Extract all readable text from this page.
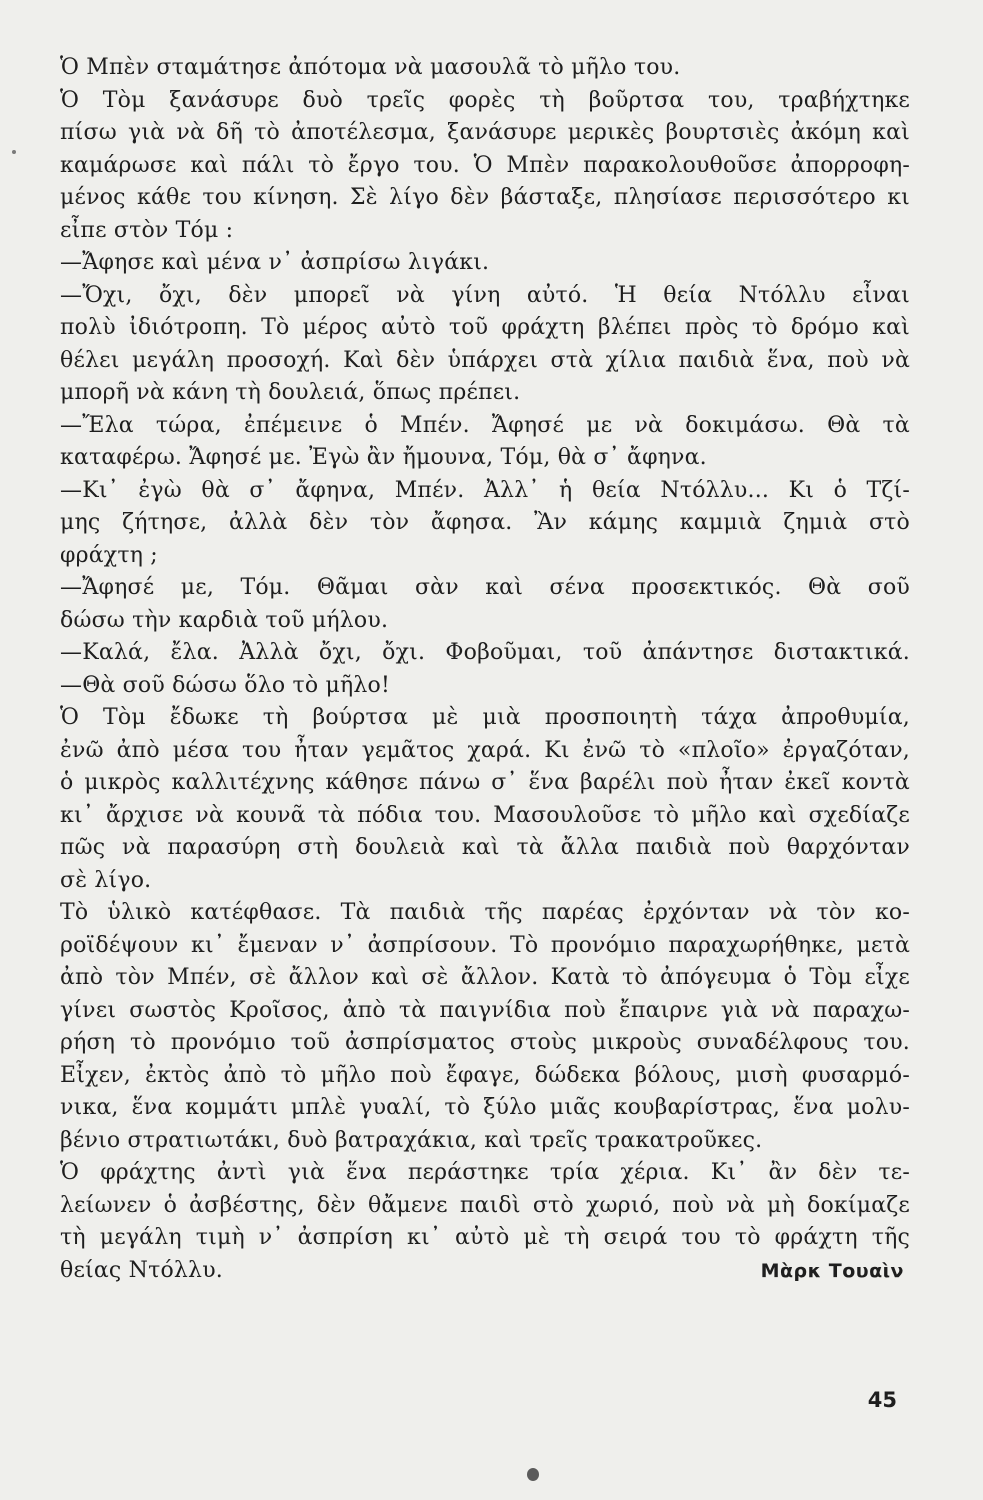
Ὁ Μπὲν σταμάτησε ἀπότομα νὰ μασουλᾶ τὸ μῆλο του.
Ὁ Τὸμ ξανάσυρε δυὸ τρεῖς φορὲς τὴ βοῦρτσα του, τραβήχτηκε
πίσω γιὰ νὰ δῆ τὸ ἀποτέλεσμα, ξανάσυρε μερικὲς βουρτσιὲς ἀκόμη καὶ
καμάρωσε καὶ πάλι τὸ ἔργο του. Ὁ Μπὲν παρακολουθοῦσε ἀπορροφη-
μένος κάθε του κίνηση. Σὲ λίγο δὲν βάσταξε, πλησίασε περισσότερο κι
εἶπε στὸν Τόμ :
—Ἄφησε καὶ μένα ν᾿ ἀσπρίσω λιγάκι.
—Ὄχι, ὄχι, δὲν μπορεῖ νὰ γίνη αὐτό. Ἡ θεία Ντόλλυ εἶναι
πολὺ ἰδιότροπη. Τὸ μέρος αὐτὸ τοῦ φράχτη βλέπει πρὸς τὸ δρόμο καὶ
θέλει μεγάλη προσοχή. Καὶ δὲν ὑπάρχει στὰ χίλια παιδιὰ ἕνα, ποὺ νὰ
μπορῆ νὰ κάνη τὴ δουλειά, ὅπως πρέπει.
—Ἔλα τώρα, ἐπέμεινε ὁ Μπέν. Ἄφησέ με νὰ δοκιμάσω. Θὰ τὰ
καταφέρω. Ἄφησέ με. Ἐγὼ ἂν ἤμουνα, Τόμ, θὰ σ᾿ ἄφηνα.
—Κι᾿ ἐγὼ θὰ σ᾿ ἄφηνα, Μπέν. Ἀλλ᾿ ἡ θεία Ντόλλυ... Κι ὁ Τζί-
μης ζήτησε, ἀλλὰ δὲν τὸν ἄφησα. Ἂν κάμης καμμιὰ ζημιὰ στὸ
φράχτη ;
—Ἄφησέ με, Τόμ. Θᾶμαι σὰν καὶ σένα προσεκτικός. Θὰ σοῦ
δώσω τὴν καρδιὰ τοῦ μήλου.
—Καλά, ἔλα. Ἀλλὰ ὄχι, ὄχι. Φοβοῦμαι, τοῦ ἀπάντησε διστακτικά.
—Θὰ σοῦ δώσω ὅλο τὸ μῆλο!
Ὁ Τὸμ ἔδωκε τὴ βούρτσα μὲ μιὰ προσποιητὴ τάχα ἀπροθυμία,
ἐνῶ ἀπὸ μέσα του ἦταν γεμᾶτος χαρά. Κι ἐνῶ τὸ «πλοῖο» ἐργαζόταν,
ὁ μικρὸς καλλιτέχνης κάθησε πάνω σ᾿ ἕνα βαρέλι ποὺ ἦταν ἐκεῖ κοντὰ
κι᾿ ἄρχισε νὰ κουνᾶ τὰ πόδια του. Μασουλοῦσε τὸ μῆλο καὶ σχεδίαζε
πῶς νὰ παρασύρη στὴ δουλειὰ καὶ τὰ ἄλλα παιδιὰ ποὺ θαρχόνταν
σὲ λίγο.
Τὸ ὑλικὸ κατέφθασε. Τὰ παιδιὰ τῆς παρέας ἐρχόνταν νὰ τὸν κο-
ροϊδέψουν κι᾿ ἔμεναν ν᾿ ἀσπρίσουν. Τὸ προνόμιο παραχωρήθηκε, μετὰ
ἀπὸ τὸν Μπέν, σὲ ἄλλον καὶ σὲ ἄλλον. Κατὰ τὸ ἀπόγευμα ὁ Τὸμ εἶχε
γίνει σωστὸς Κροῖσος, ἀπὸ τὰ παιγνίδια ποὺ ἔπαιρνε γιὰ νὰ παραχω-
ρήση τὸ προνόμιο τοῦ ἀσπρίσματος στοὺς μικροὺς συναδέλφους του.
Εἶχεν, ἐκτὸς ἀπὸ τὸ μῆλο ποὺ ἔφαγε, δώδεκα βόλους, μισὴ φυσαρμό-
νικα, ἕνα κομμάτι μπλὲ γυαλί, τὸ ξύλο μιᾶς κουβαρίστρας, ἕνα μολυ-
βένιο στρατιωτάκι, δυὸ βατραχάκια, καὶ τρεῖς τρακατροῦκες.
Ὁ φράχτης ἀντὶ γιὰ ἕνα περάστηκε τρία χέρια. Κι᾿ ἂν δὲν τε-
λείωνεν ὁ ἀσβέστης, δὲν θἄμενε παιδὶ στὸ χωριό, ποὺ νὰ μὴ δοκίμαζε
τὴ μεγάλη τιμὴ ν᾿ ἀσπρίση κι᾿ αὐτὸ μὲ τὴ σειρά του τὸ φράχτη τῆς
θείας Ντόλλυ.	Μὰρκ Τουαὶν
45
